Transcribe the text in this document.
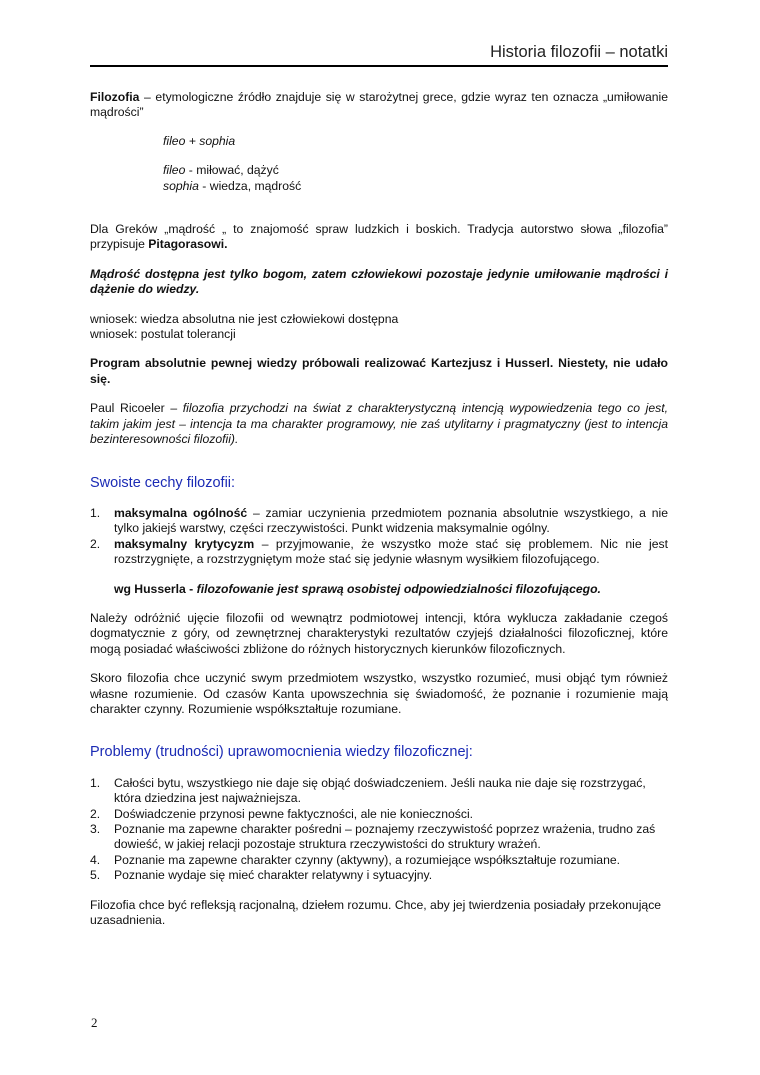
Historia filozofii – notatki

Filozofia – etymologiczne źródło znajduje się w starożytnej grece, gdzie wyraz ten oznacza „umiłowanie mądrości”

fileo + sophia

fileo - miłować, dążyć

sophia - wiedza, mądrość

Dla Greków „mądrość „ to znajomość spraw ludzkich i boskich. Tradycja autorstwo słowa „filozofia” przypisuje Pitagorasowi.

Mądrość dostępna jest tylko bogom, zatem człowiekowi pozostaje jedynie umiłowanie mądrości i dążenie do wiedzy.

wniosek: wiedza absolutna nie jest człowiekowi dostępna

wniosek: postulat tolerancji

Program absolutnie pewnej wiedzy próbowali realizować Kartezjusz i Husserl. Niestety, nie udało się.

Paul Ricoeler – filozofia przychodzi na świat z charakterystyczną intencją wypowiedzenia tego co jest, takim jakim jest – intencja ta ma charakter programowy, nie zaś utylitarny i pragmatyczny (jest to intencja bezinteresowności filozofii).

Swoiste cechy filozofii:
1. maksymalna ogólność – zamiar uczynienia przedmiotem poznania absolutnie wszystkiego, a nie tylko jakiejś warstwy, części rzeczywistości. Punkt widzenia maksymalnie ogólny.
2. maksymalny krytycyzm – przyjmowanie, że wszystko może stać się problemem. Nic nie jest rozstrzygnięte, a rozstrzygniętym może stać się jedynie własnym wysiłkiem filozofującego.

wg Husserla - filozofowanie jest sprawą osobistej odpowiedzialności filozofującego.

Należy odróżnić ujęcie filozofii od wewnątrz podmiotowej intencji, która wyklucza zakładanie czegoś dogmatycznie z góry, od zewnętrznej charakterystyki rezultatów czyjejś działalności filozoficznej, które mogą posiadać właściwości zbliżone do różnych historycznych kierunków filozoficznych.

Skoro filozofia chce uczynić swym przedmiotem wszystko, wszystko rozumieć, musi objąć tym również własne rozumienie. Od czasów Kanta upowszechnia się świadomość, że poznanie i rozumienie mają charakter czynny. Rozumienie współkształtuje rozumiane.

Problemy (trudności) uprawomocnienia wiedzy filozoficznej:
1. Całości bytu, wszystkiego nie daje się objąć doświadczeniem. Jeśli nauka nie daje się rozstrzygać, która dziedzina jest najważniejsza.
2. Doświadczenie przynosi pewne faktyczności, ale nie konieczności.
3. Poznanie ma zapewne charakter pośredni – poznajemy rzeczywistość poprzez wrażenia, trudno zaś dowieść, w jakiej relacji pozostaje struktura rzeczywistości do struktury wrażeń.
4. Poznanie ma zapewne charakter czynny (aktywny), a rozumiejące współkształtuje rozumiane.
5. Poznanie wydaje się mieć charakter relatywny i sytuacyjny.

Filozofia chce być refleksją racjonalną, dziełem rozumu. Chce, aby jej twierdzenia posiadały przekonujące uzasadnienia.

2
